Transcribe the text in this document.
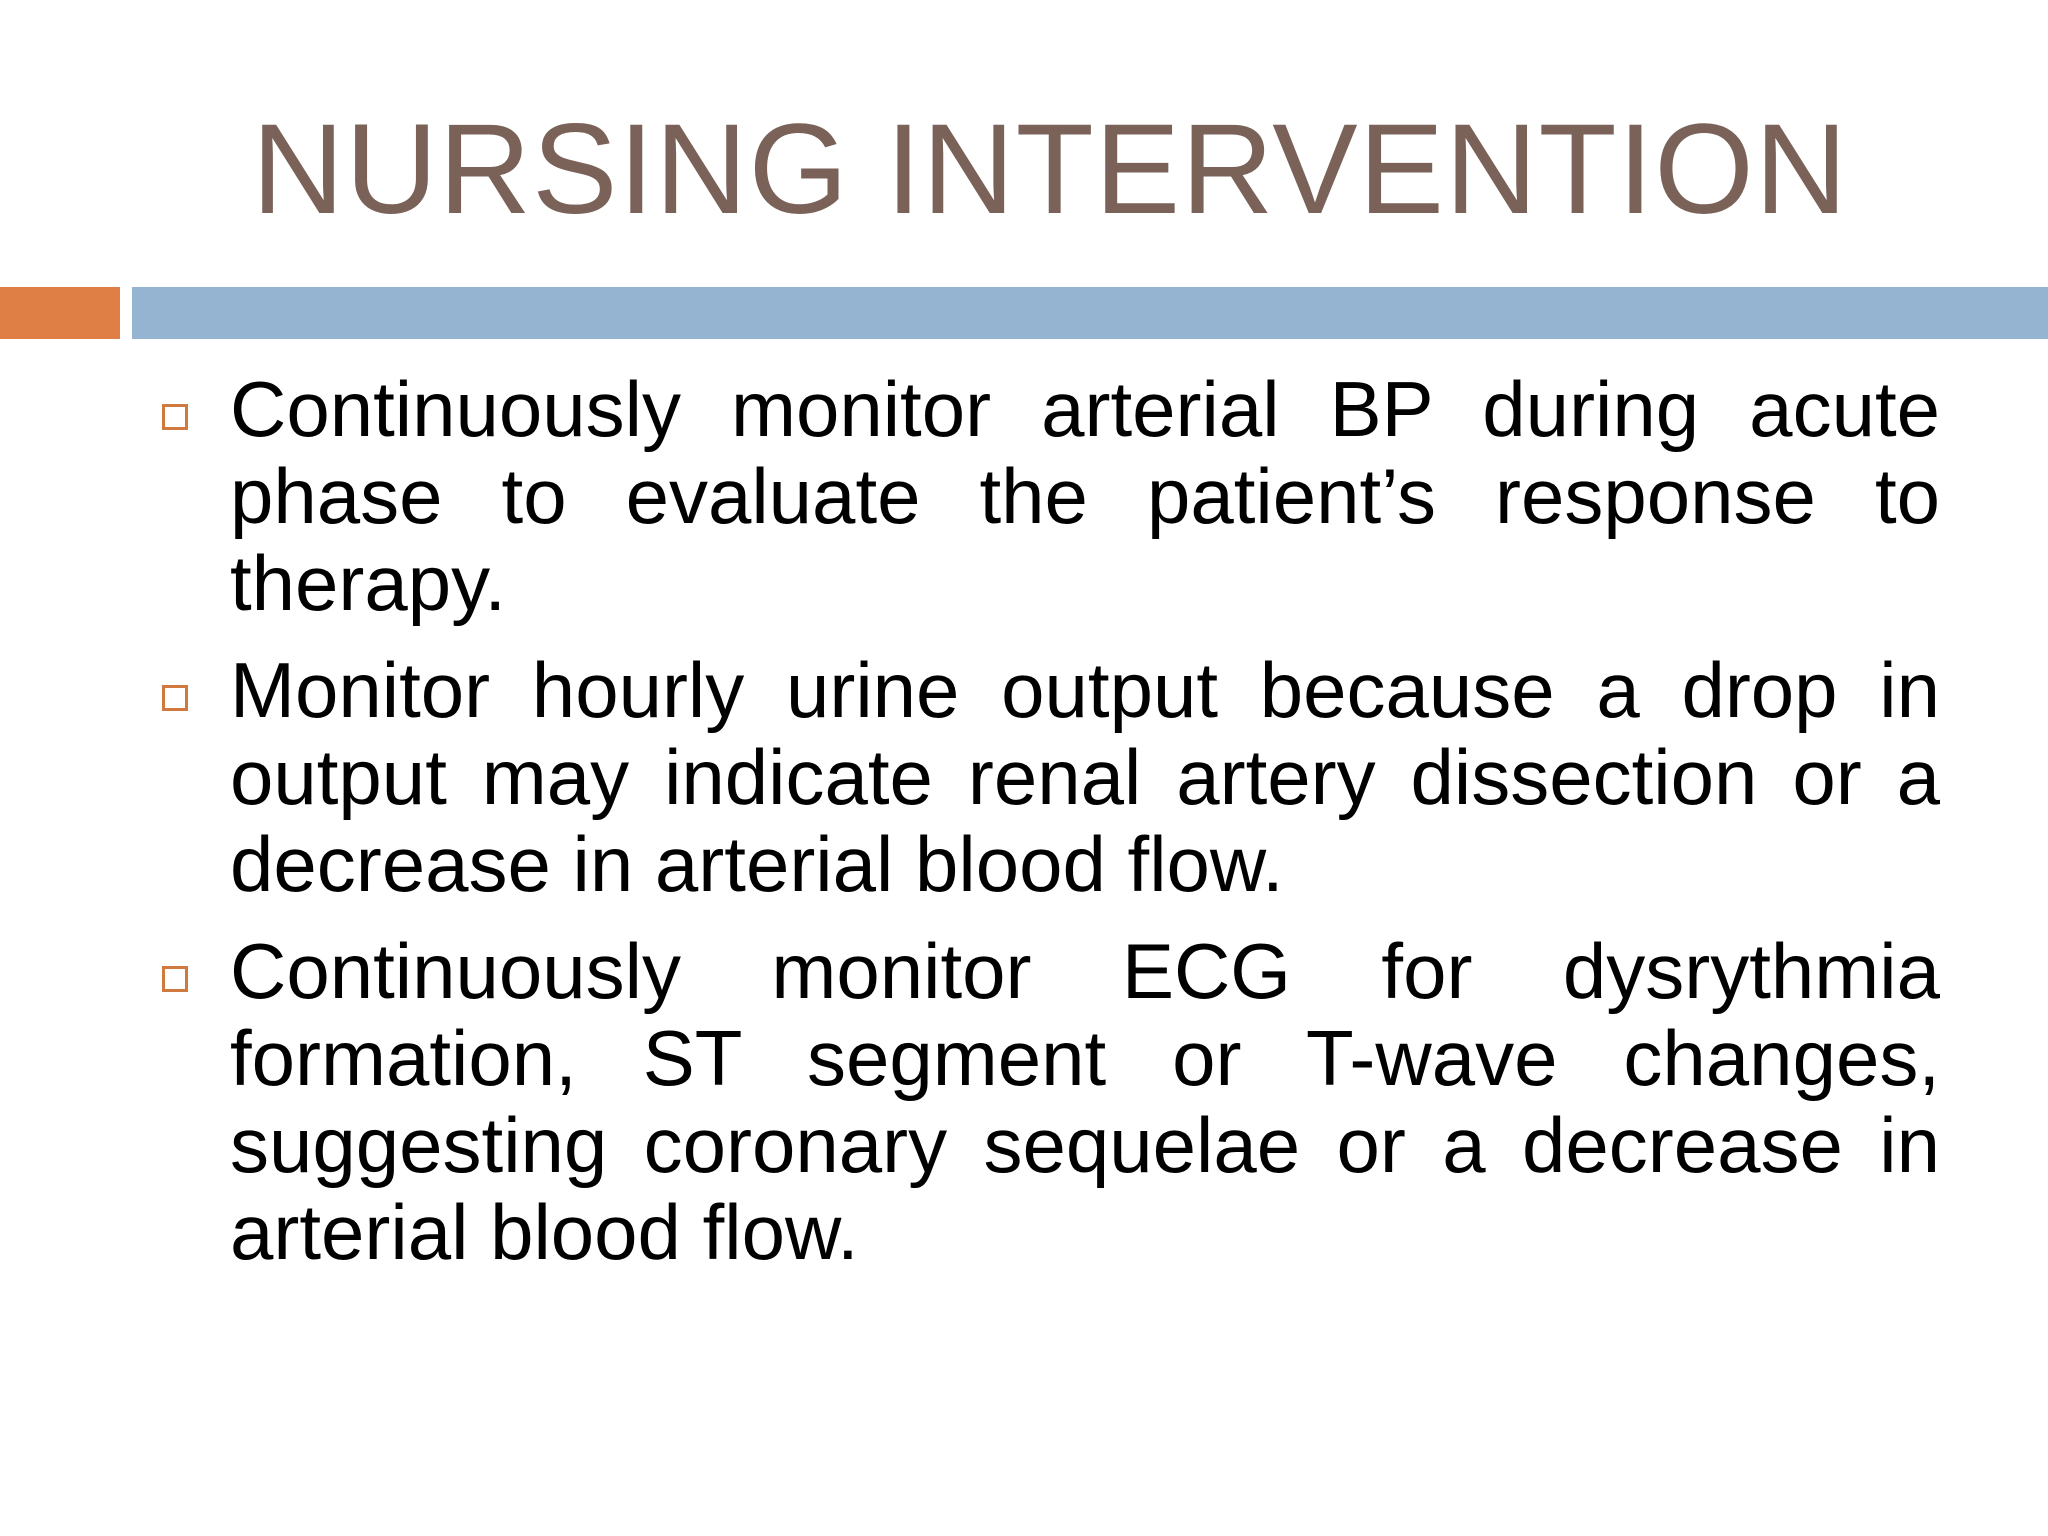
NURSING INTERVENTION
Continuously monitor arterial BP during acute phase to evaluate the patient’s response to therapy.
Monitor hourly urine output because a drop in output may indicate renal artery dissection or a decrease in arterial blood flow.
Continuously monitor ECG for dysrythmia formation, ST segment or T-wave changes, suggesting coronary sequelae or a decrease in arterial blood flow.
